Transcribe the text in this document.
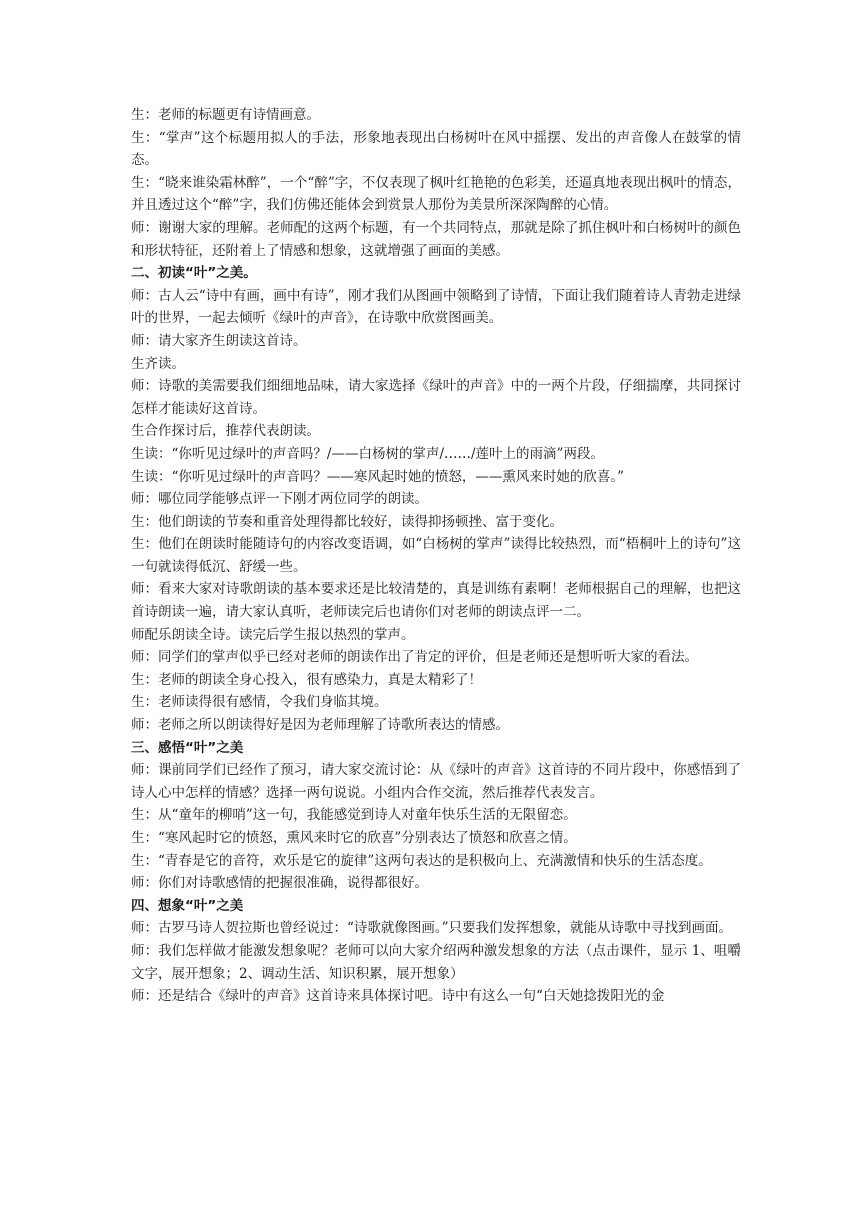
生：老师的标题更有诗情画意。

生：“掌声”这个标题用拟人的手法，形象地表现出白杨树叶在风中摇摆、发出的声音像人在鼓掌的情态。

生：“晓来谁染霜林醉”，一个“醉”字，不仅表现了枫叶红艳艳的色彩美，还逼真地表现出枫叶的情态，并且透过这个“醉”字，我们仿佛还能体会到赏景人那份为美景所深深陶醉的心情。

师：谢谢大家的理解。老师配的这两个标题，有一个共同特点，那就是除了抓住枫叶和白杨树叶的颜色和形状特征，还附着上了情感和想象，这就增强了画面的美感。

二、初读“叶”之美。

师：古人云“诗中有画，画中有诗”，刚才我们从图画中领略到了诗情，下面让我们随着诗人青勃走进绿叶的世界，一起去倾听《绿叶的声音》，在诗歌中欣赏图画美。

师：请大家齐生朗读这首诗。

生齐读。

师：诗歌的美需要我们细细地品味，请大家选择《绿叶的声音》中的一两个片段，仔细揣摩，共同探讨怎样才能读好这首诗。

生合作探讨后，推荐代表朗读。

生读：“你听见过绿叶的声音吗？/——白杨树的掌声/……/莲叶上的雨滴”两段。

生读：“你听见过绿叶的声音吗？——寒风起时她的愤怒，——熏风来时她的欣喜。”

师：哪位同学能够点评一下刚才两位同学的朗读。

生：他们朗读的节奏和重音处理得都比较好，读得抑扬顿挫、富于变化。

生：他们在朗读时能随诗句的内容改变语调，如“白杨树的掌声”读得比较热烈，而“梧桐叶上的诗句”这一句就读得低沉、舒缓一些。

师：看来大家对诗歌朗读的基本要求还是比较清楚的，真是训练有素啊！老师根据自己的理解，也把这首诗朗读一遍，请大家认真听，老师读完后也请你们对老师的朗读点评一二。

师配乐朗读全诗。读完后学生报以热烈的掌声。

师：同学们的掌声似乎已经对老师的朗读作出了肯定的评价，但是老师还是想听听大家的看法。

生：老师的朗读全身心投入，很有感染力，真是太精彩了！

生：老师读得很有感情，令我们身临其境。

师：老师之所以朗读得好是因为老师理解了诗歌所表达的情感。

三、感悟“叶”之美

师：课前同学们已经作了预习，请大家交流讨论：从《绿叶的声音》这首诗的不同片段中，你感悟到了诗人心中怎样的情感？选择一两句说说。小组内合作交流，然后推荐代表发言。

生：从“童年的柳哨”这一句，我能感觉到诗人对童年快乐生活的无限留恋。

生：“寒风起时它的愤怒，熏风来时它的欣喜”分别表达了愤怒和欣喜之情。

生：“青春是它的音符，欢乐是它的旋律”这两句表达的是积极向上、充满激情和快乐的生活态度。

师：你们对诗歌感情的把握很准确，说得都很好。

四、想象“叶”之美

师：古罗马诗人贺拉斯也曾经说过：“诗歌就像图画。”只要我们发挥想象，就能从诗歌中寻找到画面。

师：我们怎样做才能激发想象呢？老师可以向大家介绍两种激发想象的方法（点击课件，显示 1、咀嚼文字，展开想象；2、调动生活、知识积累，展开想象）

师：还是结合《绿叶的声音》这首诗来具体探讨吧。诗中有这么一句“白天她捻拨阳光的金
